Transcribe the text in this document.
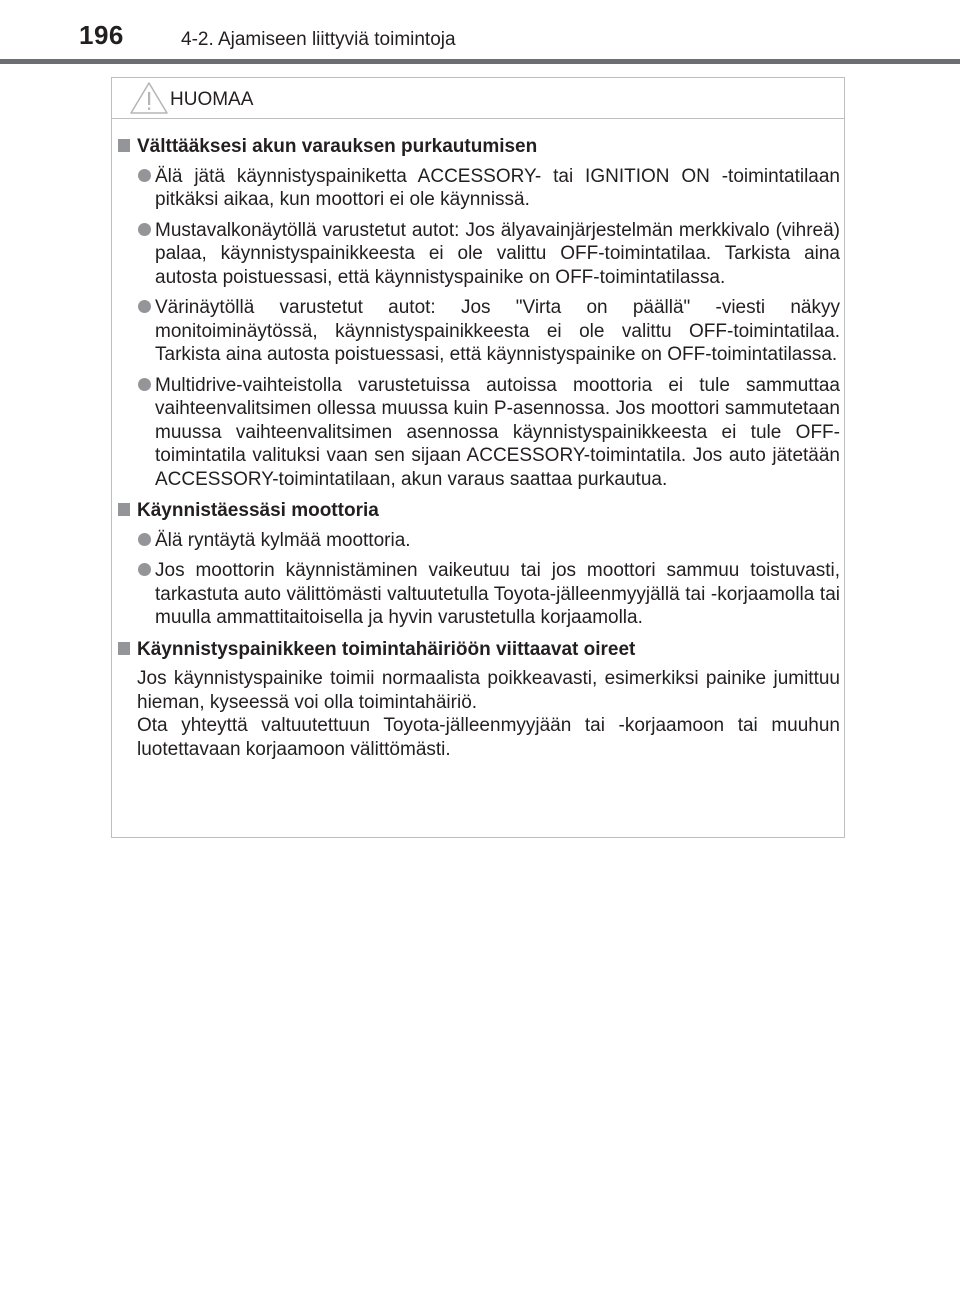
196	4-2. Ajamiseen liittyviä toimintoja
HUOMAA
Välttääksesi akun varauksen purkautumisen
Älä jätä käynnistyspainiketta ACCESSORY- tai IGNITION ON -toimintatilaan pitkäksi aikaa, kun moottori ei ole käynnissä.
Mustavalkonäytöllä varustetut autot: Jos älyavainjärjestelmän merkkivalo (vihreä) palaa, käynnistyspainikkeesta ei ole valittu OFF-toimintatilaa. Tarkista aina autosta poistuessasi, että käynnistyspainike on OFF-toimintatilassa.
Värinäytöllä varustetut autot: Jos "Virta on päällä" -viesti näkyy monitoiminäytössä, käynnistyspainikkeesta ei ole valittu OFF-toimintatilaa. Tarkista aina autosta poistuessasi, että käynnistyspainike on OFF-toimintatilassa.
Multidrive-vaihteistolla varustetuissa autoissa moottoria ei tule sammuttaa vaihteenvalitsimen ollessa muussa kuin P-asennossa. Jos moottori sammutetaan muussa vaihteenvalitsimen asennossa käynnistyspainikkeesta ei tule OFF-toimintatila valituksi vaan sen sijaan ACCESSORY-toimintatila. Jos auto jätetään ACCESSORY-toimintatilaan, akun varaus saattaa purkautua.
Käynnistäessäsi moottoria
Älä ryntäytä kylmää moottoria.
Jos moottorin käynnistäminen vaikeutuu tai jos moottori sammuu toistuvasti, tarkastuta auto välittömästi valtuutetulla Toyota-jälleenmyyjällä tai -korjaamolla tai muulla ammattitaitoisella ja hyvin varustetulla korjaamolla.
Käynnistyspainikkeen toimintahäiriöön viittaavat oireet
Jos käynnistyspainike toimii normaalista poikkeavasti, esimerkiksi painike jumittuu hieman, kyseessä voi olla toimintahäiriö.
Ota yhteyttä valtuutettuun Toyota-jälleenmyyjään tai -korjaamoon tai muuhun luotettavaan korjaamoon välittömästi.
